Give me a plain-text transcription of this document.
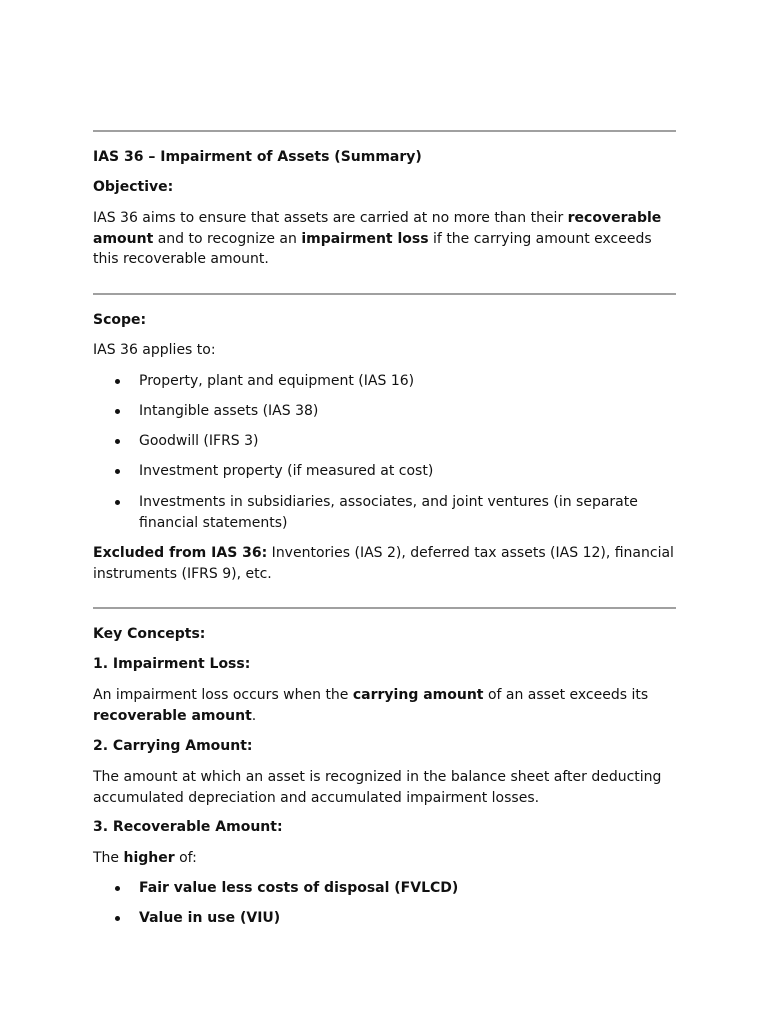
IAS 36 – Impairment of Assets (Summary)
Objective:
IAS 36 aims to ensure that assets are carried at no more than their recoverable amount and to recognize an impairment loss if the carrying amount exceeds this recoverable amount.
Scope:
IAS 36 applies to:
Property, plant and equipment (IAS 16)
Intangible assets (IAS 38)
Goodwill (IFRS 3)
Investment property (if measured at cost)
Investments in subsidiaries, associates, and joint ventures (in separate financial statements)
Excluded from IAS 36: Inventories (IAS 2), deferred tax assets (IAS 12), financial instruments (IFRS 9), etc.
Key Concepts:
1. Impairment Loss:
An impairment loss occurs when the carrying amount of an asset exceeds its recoverable amount.
2. Carrying Amount:
The amount at which an asset is recognized in the balance sheet after deducting accumulated depreciation and accumulated impairment losses.
3. Recoverable Amount:
The higher of:
Fair value less costs of disposal (FVLCD)
Value in use (VIU)
